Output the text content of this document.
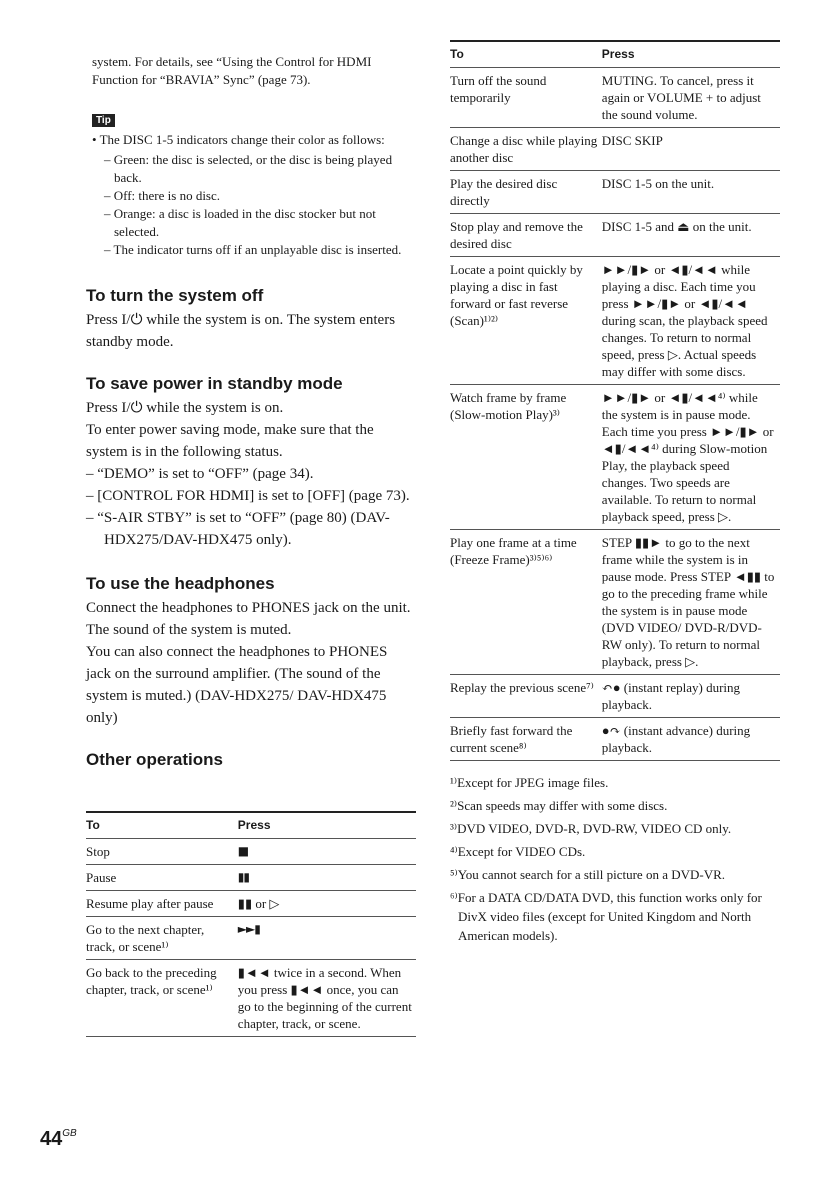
system. For details, see “Using the Control for HDMI Function for “BRAVIA” Sync” (page 73).

Tip
• The DISC 1-5 indicators change their color as follows:
– Green: the disc is selected, or the disc is being played back.
– Off: there is no disc.
– Orange: a disc is loaded in the disc stocker but not selected.
– The indicator turns off if an unplayable disc is inserted.
To turn the system off

Press I/⏻ while the system is on. The system enters standby mode.

To save power in standby mode

Press I/⏻ while the system is on.

To enter power saving mode, make sure that the system is in the following status.

– “DEMO” is set to “OFF” (page 34).
– [CONTROL FOR HDMI] is set to [OFF] (page 73).
– “S-AIR STBY” is set to “OFF” (page 80) (DAV-HDX275/DAV-HDX475 only).
To use the headphones

Connect the headphones to PHONES jack on the unit. The sound of the system is muted.

You can also connect the headphones to PHONES jack on the surround amplifier. (The sound of the system is muted.) (DAV-HDX275/ DAV-HDX475 only)

Other operations
To	Press
Stop	■
Pause	▮▮
Resume play after pause	▮▮ or ▷
Go to the next chapter, track, or scene¹⁾	►►▮
Go back to the preceding chapter, track, or scene¹⁾	▮◄◄ twice in a second. When you press ▮◄◄ once, you can go to the beginning of the current chapter, track, or scene.
To	Press
Turn off the sound temporarily	MUTING. To cancel, press it again or VOLUME + to adjust the sound volume.
Change a disc while playing another disc	DISC SKIP
Play the desired disc directly	DISC 1-5 on the unit.
Stop play and remove the desired disc	DISC 1-5 and ⏏ on the unit.
Locate a point quickly by playing a disc in fast forward or fast reverse (Scan)¹⁾²⁾	►►/▮► or ◄▮/◄◄ while playing a disc. Each time you press ►►/▮► or ◄▮/◄◄ during scan, the playback speed changes. To return to normal speed, press ▷. Actual speeds may differ with some discs.
Watch frame by frame (Slow-motion Play)³⁾	►►/▮► or ◄▮/◄◄⁴⁾ while the system is in pause mode. Each time you press ►►/▮► or ◄▮/◄◄⁴⁾ during Slow-motion Play, the playback speed changes. Two speeds are available. To return to normal playback speed, press ▷.
Play one frame at a time (Freeze Frame)³⁾⁵⁾⁶⁾	STEP ▮▮► to go to the next frame while the system is in pause mode. Press STEP ◄▮▮ to go to the preceding frame while the system is in pause mode (DVD VIDEO/ DVD-R/DVD-RW only). To return to normal playback, press ▷.
Replay the previous scene⁷⁾	↶● (instant replay) during playback.
Briefly fast forward the current scene⁸⁾	●↷ (instant advance) during playback.

¹⁾Except for JPEG image files.

²⁾Scan speeds may differ with some discs.

³⁾DVD VIDEO, DVD-R, DVD-RW, VIDEO CD only.

⁴⁾Except for VIDEO CDs.

⁵⁾You cannot search for a still picture on a DVD-VR.

⁶⁾For a DATA CD/DATA DVD, this function works only for DivX video files (except for United Kingdom and North American models).

$44^{GB}$
